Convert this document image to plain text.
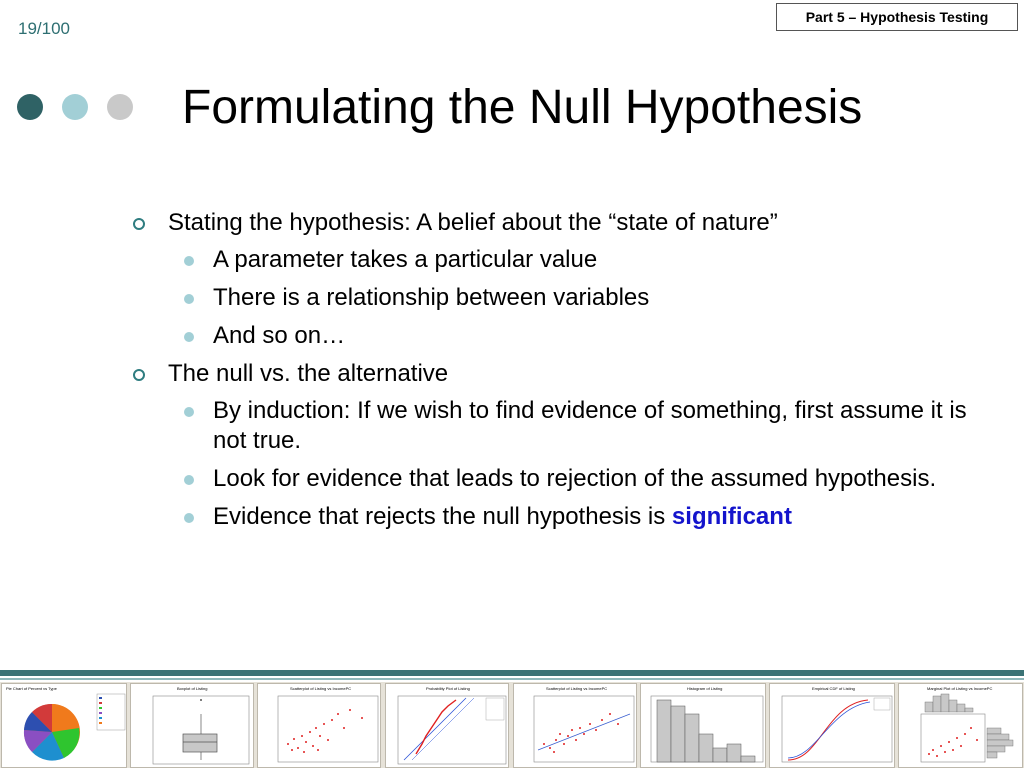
19/100
Part 5 – Hypothesis Testing
Formulating the Null Hypothesis
Stating the hypothesis: A belief about the “state of nature”
A parameter takes a particular value
There is a relationship between variables
And so on…
The null vs. the alternative
By induction: If we wish to find evidence of something, first assume it is not true.
Look for evidence that leads to rejection of the assumed hypothesis.
Evidence that rejects the null hypothesis is significant
Pie Chart of Percent vs Type	Boxplot of Listing	Scatterplot of Listing vs IncomePC	Probability Plot of Listing	Scatterplot of Listing vs IncomePC	Histogram of Listing	Empirical CDF of Listing	Marginal Plot of Listing vs IncomePC
